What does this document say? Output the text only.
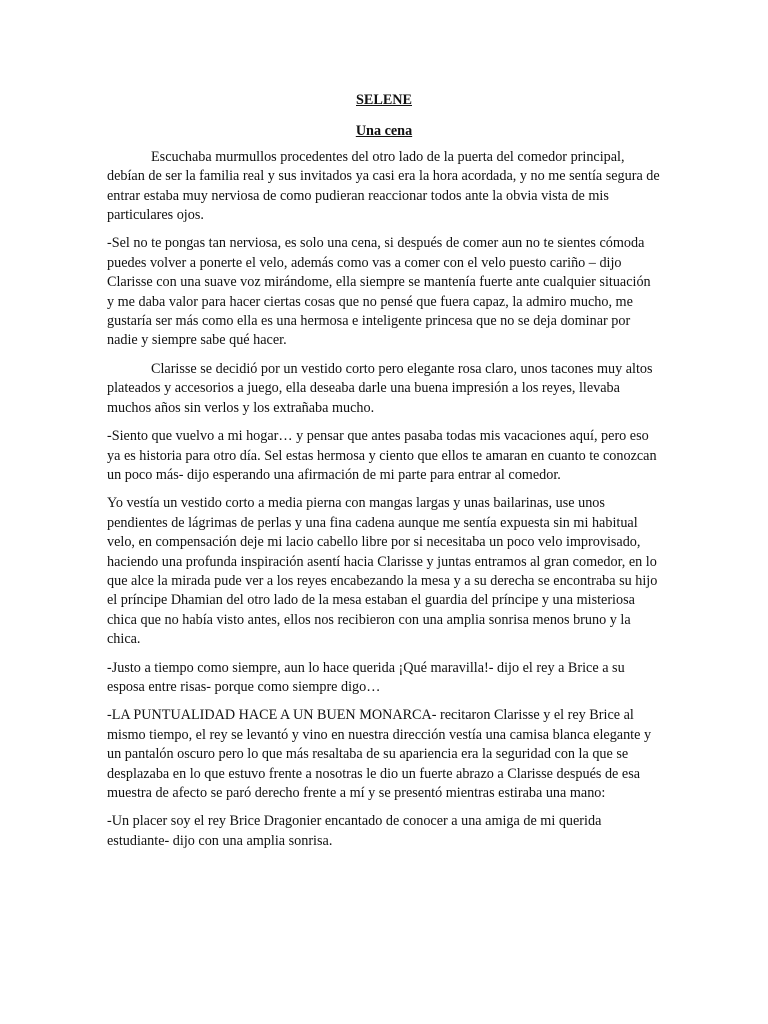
SELENE
Una cena

Escuchaba murmullos procedentes del otro lado de la puerta del comedor principal, debían de ser la familia real y sus invitados ya casi era la hora acordada, y no me sentía segura de entrar estaba muy nerviosa de como pudieran reaccionar todos ante la obvia vista de mis particulares ojos.

-Sel no te pongas tan nerviosa, es solo una cena, si después de comer aun no te sientes cómoda puedes volver a ponerte el velo, además como vas a comer con el velo puesto cariño – dijo Clarisse con una suave voz mirándome, ella siempre se mantenía fuerte ante cualquier situación y me daba valor para hacer ciertas cosas que no pensé que fuera capaz, la admiro mucho, me gustaría ser más como ella es una hermosa e inteligente princesa que no se deja dominar por nadie y siempre sabe qué hacer.

Clarisse se decidió por un vestido corto pero elegante rosa claro, unos tacones muy altos plateados y accesorios a juego, ella deseaba darle una buena impresión a los reyes, llevaba muchos años sin verlos y los extrañaba mucho.

-Siento que vuelvo a mi hogar… y pensar que antes pasaba todas mis vacaciones aquí, pero eso ya es historia para otro día. Sel estas hermosa y ciento que ellos te amaran en cuanto te conozcan un poco más- dijo esperando una afirmación de mi parte para entrar al comedor.

Yo vestía un vestido corto a media pierna con mangas largas y unas bailarinas, use unos pendientes de lágrimas de perlas y una fina cadena aunque me sentía expuesta sin mi habitual velo, en compensación deje mi lacio cabello libre por si necesitaba un poco velo improvisado, haciendo una profunda inspiración asentí hacia Clarisse y juntas entramos al gran comedor, en lo que alce la mirada pude ver a los reyes encabezando la mesa y a su derecha se encontraba su hijo el príncipe Dhamian del otro lado de la mesa estaban el guardia del príncipe y una misteriosa chica que no había visto antes, ellos nos recibieron con una amplia sonrisa menos bruno y la chica.

-Justo a tiempo como siempre, aun lo hace querida ¡Qué maravilla!- dijo el rey a Brice a su esposa entre risas- porque como siempre digo…

-LA PUNTUALIDAD HACE A UN BUEN MONARCA- recitaron Clarisse y el rey Brice al mismo tiempo, el rey se levantó y vino en nuestra dirección vestía una camisa blanca elegante y un pantalón oscuro pero lo que más resaltaba de su apariencia era la seguridad con la que se desplazaba en lo que estuvo frente a nosotras le dio un fuerte abrazo a Clarisse después de esa muestra de afecto se paró derecho frente a mí y se presentó mientras estiraba una mano:

-Un placer soy el rey Brice Dragonier encantado de conocer a una amiga de mi querida estudiante- dijo con una amplia sonrisa.
